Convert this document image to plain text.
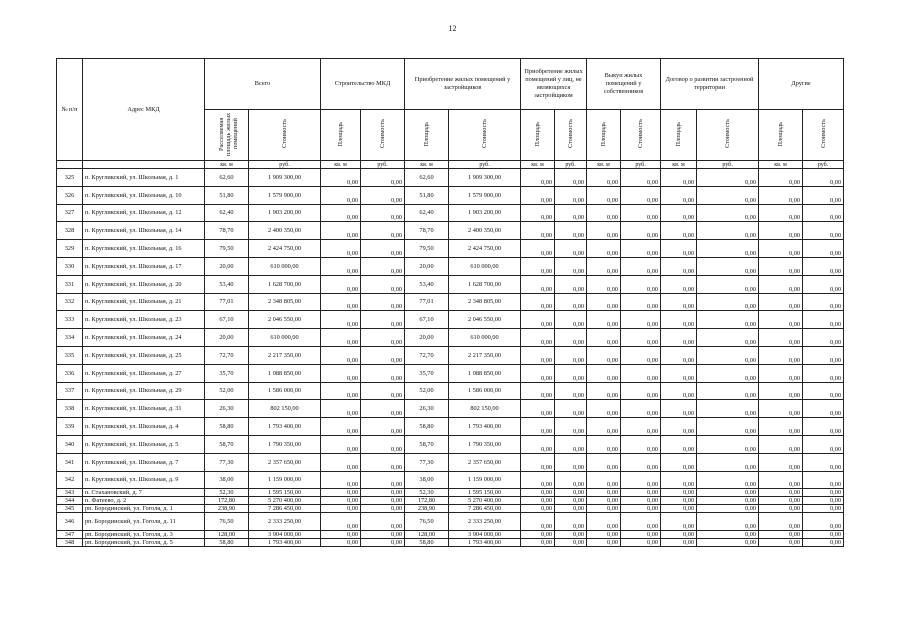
12
№ п/п	Адрес МКД	Всего		Строительство МКД		Приобретение жилых помещений у застройщиков		Приобретение жилых помещений у лиц, не являющихся застройщиком		Выкуп жилых помещений у собственников		Договор о развитии застроенной территории		Другие	
		Расселяемая площадь жилых помещений	Стоимость	Площадь	Стоимость	Площадь	Стоимость	Площадь	Стоимость	Площадь	Стоимость	Площадь	Стоимость	Площадь	Стоимость
		кв. м	руб.	кв. м	руб.	кв. м	руб.	кв. м	руб.	кв. м	руб.	кв. м	руб.	кв. м	руб.
325	п. Кругликский, ул. Школьная, д. 1	62,60	1 909 300,00	0,00	0,00	62,60	1 909 300,00	0,00	0,00	0,00	0,00	0,00	0,00	0,00	0,00
326	п. Кругликский, ул. Школьная, д. 10	51,80	1 579 900,00	0,00	0,00	51,80	1 579 900,00	0,00	0,00	0,00	0,00	0,00	0,00	0,00	0,00
327	п. Кругликский, ул. Школьная, д. 12	62,40	1 903 200,00	0,00	0,00	62,40	1 903 200,00	0,00	0,00	0,00	0,00	0,00	0,00	0,00	0,00
328	п. Кругликский, ул. Школьная, д. 14	78,70	2 400 350,00	0,00	0,00	78,70	2 400 350,00	0,00	0,00	0,00	0,00	0,00	0,00	0,00	0,00
329	п. Кругликский, ул. Школьная, д. 16	79,50	2 424 750,00	0,00	0,00	79,50	2 424 750,00	0,00	0,00	0,00	0,00	0,00	0,00	0,00	0,00
330	п. Кругликский, ул. Школьная, д. 17	20,00	610 000,00	0,00	0,00	20,00	610 000,00	0,00	0,00	0,00	0,00	0,00	0,00	0,00	0,00
331	п. Кругликский, ул. Школьная, д. 20	53,40	1 628 700,00	0,00	0,00	53,40	1 628 700,00	0,00	0,00	0,00	0,00	0,00	0,00	0,00	0,00
332	п. Кругликский, ул. Школьная, д. 21	77,01	2 348 805,00	0,00	0,00	77,01	2 348 805,00	0,00	0,00	0,00	0,00	0,00	0,00	0,00	0,00
333	п. Кругликский, ул. Школьная, д. 23	67,10	2 046 550,00	0,00	0,00	67,10	2 046 550,00	0,00	0,00	0,00	0,00	0,00	0,00	0,00	0,00
334	п. Кругликский, ул. Школьная, д. 24	20,00	610 000,00	0,00	0,00	20,00	610 000,00	0,00	0,00	0,00	0,00	0,00	0,00	0,00	0,00
335	п. Кругликский, ул. Школьная, д. 25	72,70	2 217 350,00	0,00	0,00	72,70	2 217 350,00	0,00	0,00	0,00	0,00	0,00	0,00	0,00	0,00
336	п. Кругликский, ул. Школьная, д. 27	35,70	1 088 850,00	0,00	0,00	35,70	1 088 850,00	0,00	0,00	0,00	0,00	0,00	0,00	0,00	0,00
337	п. Кругликский, ул. Школьная, д. 29	52,00	1 586 000,00	0,00	0,00	52,00	1 586 000,00	0,00	0,00	0,00	0,00	0,00	0,00	0,00	0,00
338	п. Кругликский, ул. Школьная, д. 31	26,30	802 150,00	0,00	0,00	26,30	802 150,00	0,00	0,00	0,00	0,00	0,00	0,00	0,00	0,00
339	п. Кругликский, ул. Школьная, д. 4	58,80	1 793 400,00	0,00	0,00	58,80	1 793 400,00	0,00	0,00	0,00	0,00	0,00	0,00	0,00	0,00
340	п. Кругликский, ул. Школьная, д. 5	58,70	1 790 350,00	0,00	0,00	58,70	1 790 350,00	0,00	0,00	0,00	0,00	0,00	0,00	0,00	0,00
341	п. Кругликский, ул. Школьная, д. 7	77,30	2 357 650,00	0,00	0,00	77,30	2 357 650,00	0,00	0,00	0,00	0,00	0,00	0,00	0,00	0,00
342	п. Кругликский, ул. Школьная, д. 9	38,00	1 159 000,00	0,00	0,00	38,00	1 159 000,00	0,00	0,00	0,00	0,00	0,00	0,00	0,00	0,00
343	п. Стахановский, д. 7	52,30	1 595 150,00	0,00	0,00	52,30	1 595 150,00	0,00	0,00	0,00	0,00	0,00	0,00	0,00	0,00
344	п. Фатеево, д. 2	172,80	5 270 400,00	0,00	0,00	172,80	5 270 400,00	0,00	0,00	0,00	0,00	0,00	0,00	0,00	0,00
345	рп. Бородинский, ул. Гоголя, д. 1	238,90	7 286 450,00	0,00	0,00	238,90	7 286 450,00	0,00	0,00	0,00	0,00	0,00	0,00	0,00	0,00
346	рп. Бородинский, ул. Гоголя, д. 11	76,50	2 333 250,00	0,00	0,00	76,50	2 333 250,00	0,00	0,00	0,00	0,00	0,00	0,00	0,00	0,00
347	рп. Бородинский, ул. Гоголя, д. 3	128,00	3 904 000,00	0,00	0,00	128,00	3 904 000,00	0,00	0,00	0,00	0,00	0,00	0,00	0,00	0,00
348	рп. Бородинский, ул. Гоголя, д. 5	58,80	1 793 400,00	0,00	0,00	58,80	1 793 400,00	0,00	0,00	0,00	0,00	0,00	0,00	0,00	0,00
